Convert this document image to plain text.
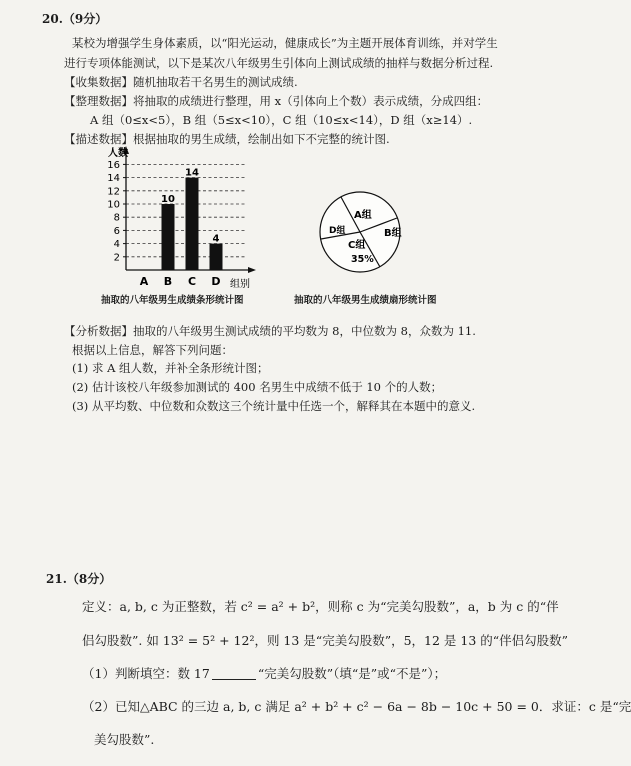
20.（9分）
某校为增强学生身体素质，以“阳光运动，健康成长”为主题开展体育训练，并对学生
进行专项体能测试，以下是某次八年级男生引体向上测试成绩的抽样与数据分析过程.
【收集数据】随机抽取若干名男生的测试成绩.
【整理数据】将抽取的成绩进行整理，用 x（引体向上个数）表示成绩，分成四组：
A 组（0≤x<5），B 组（5≤x<10），C 组（10≤x<14），D 组（x≥14）.
【描述数据】根据抽取的男生成绩，绘制出如下不完整的统计图.
2
4
6
8
10
12
14
16
10
14
4
A B C D
人数
组别
A组
B组
C组
D组
35%
抽取的八年级男生成绩条形统计图	抽取的八年级男生成绩扇形统计图
【分析数据】抽取的八年级男生测试成绩的平均数为 8，中位数为 8，众数为 11.
根据以上信息，解答下列问题：
(1) 求 A 组人数，并补全条形统计图；
(2) 估计该校八年级参加测试的 400 名男生中成绩不低于 10 个的人数；
(3) 从平均数、中位数和众数这三个统计量中任选一个，解释其在本题中的意义.
21.（8分）
定义：a, b, c 为正整数，若 c² = a² + b²，则称 c 为“完美勾股数”，a，b 为 c 的“伴
侣勾股数”. 如 13² = 5² + 12²，则 13 是“完美勾股数”，5，12 是 13 的“伴侣勾股数”
（1）判断填空：数 17	“完美勾股数”（填“是”或“不是”）；
（2）已知△ABC 的三边 a, b, c 满足 a² + b² + c² − 6a − 8b − 10c + 50 = 0．求证：c 是“完
美勾股数”.
